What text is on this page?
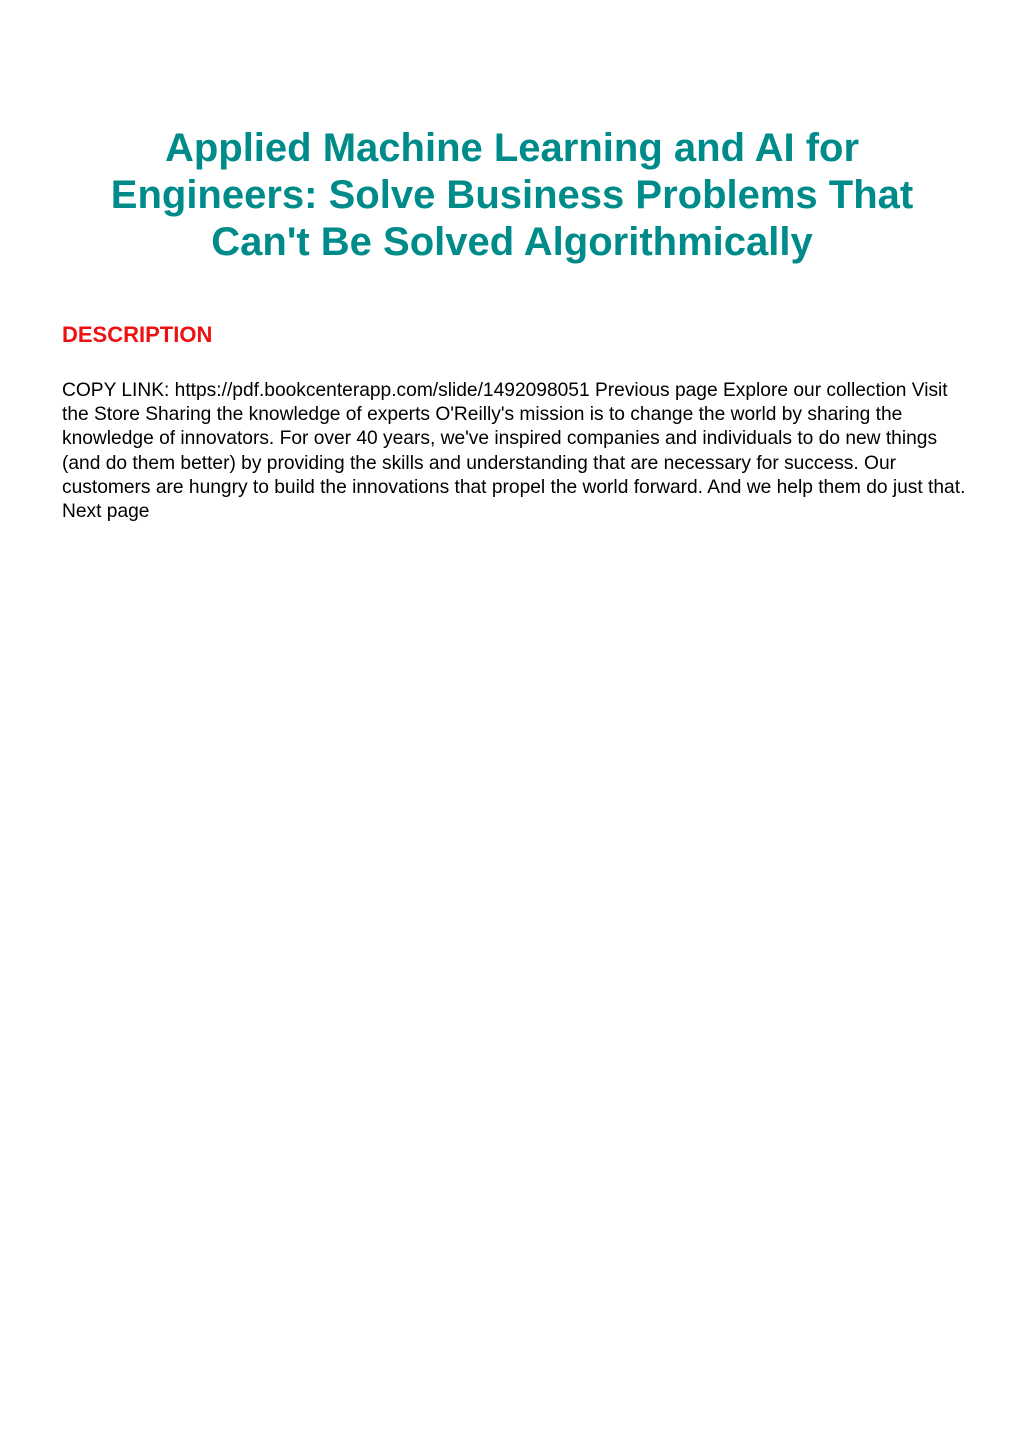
Applied Machine Learning and AI for Engineers: Solve Business Problems That Can't Be Solved Algorithmically
DESCRIPTION

COPY LINK: https://pdf.bookcenterapp.com/slide/1492098051 Previous page Explore our collection Visit the Store Sharing the knowledge of experts O'Reilly's mission is to change the world by sharing the knowledge of innovators. For over 40 years, we've inspired companies and individuals to do new things (and do them better) by providing the skills and understanding that are necessary for success. Our customers are hungry to build the innovations that propel the world forward. And we help them do just that. Next page
